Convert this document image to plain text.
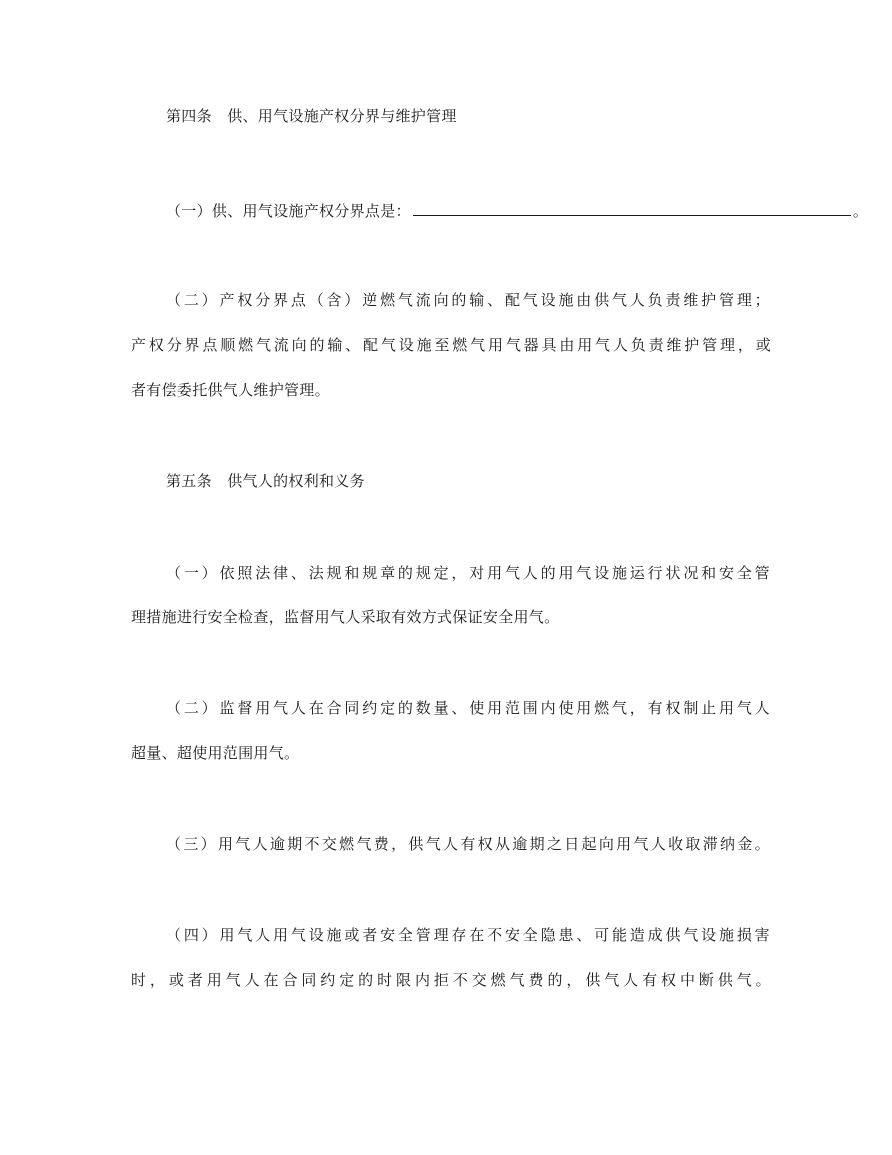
第四条　供、用气设施产权分界与维护管理
（一）供、用气设施产权分界点是：	。
（二）产权分界点（含）逆燃气流向的输、配气设施由供气人负责维护管理；
产权分界点顺燃气流向的输、配气设施至燃气用气器具由用气人负责维护管理，或
者有偿委托供气人维护管理。
第五条　供气人的权利和义务
（一）依照法律、法规和规章的规定，对用气人的用气设施运行状况和安全管
理措施进行安全检查，监督用气人采取有效方式保证安全用气。
（二）监督用气人在合同约定的数量、使用范围内使用燃气，有权制止用气人
超量、超使用范围用气。
（三）用气人逾期不交燃气费，供气人有权从逾期之日起向用气人收取滞纳金。
（四）用气人用气设施或者安全管理存在不安全隐患、可能造成供气设施损害
时，或者用气人在合同约定的时限内拒不交燃气费的，供气人有权中断供气。
